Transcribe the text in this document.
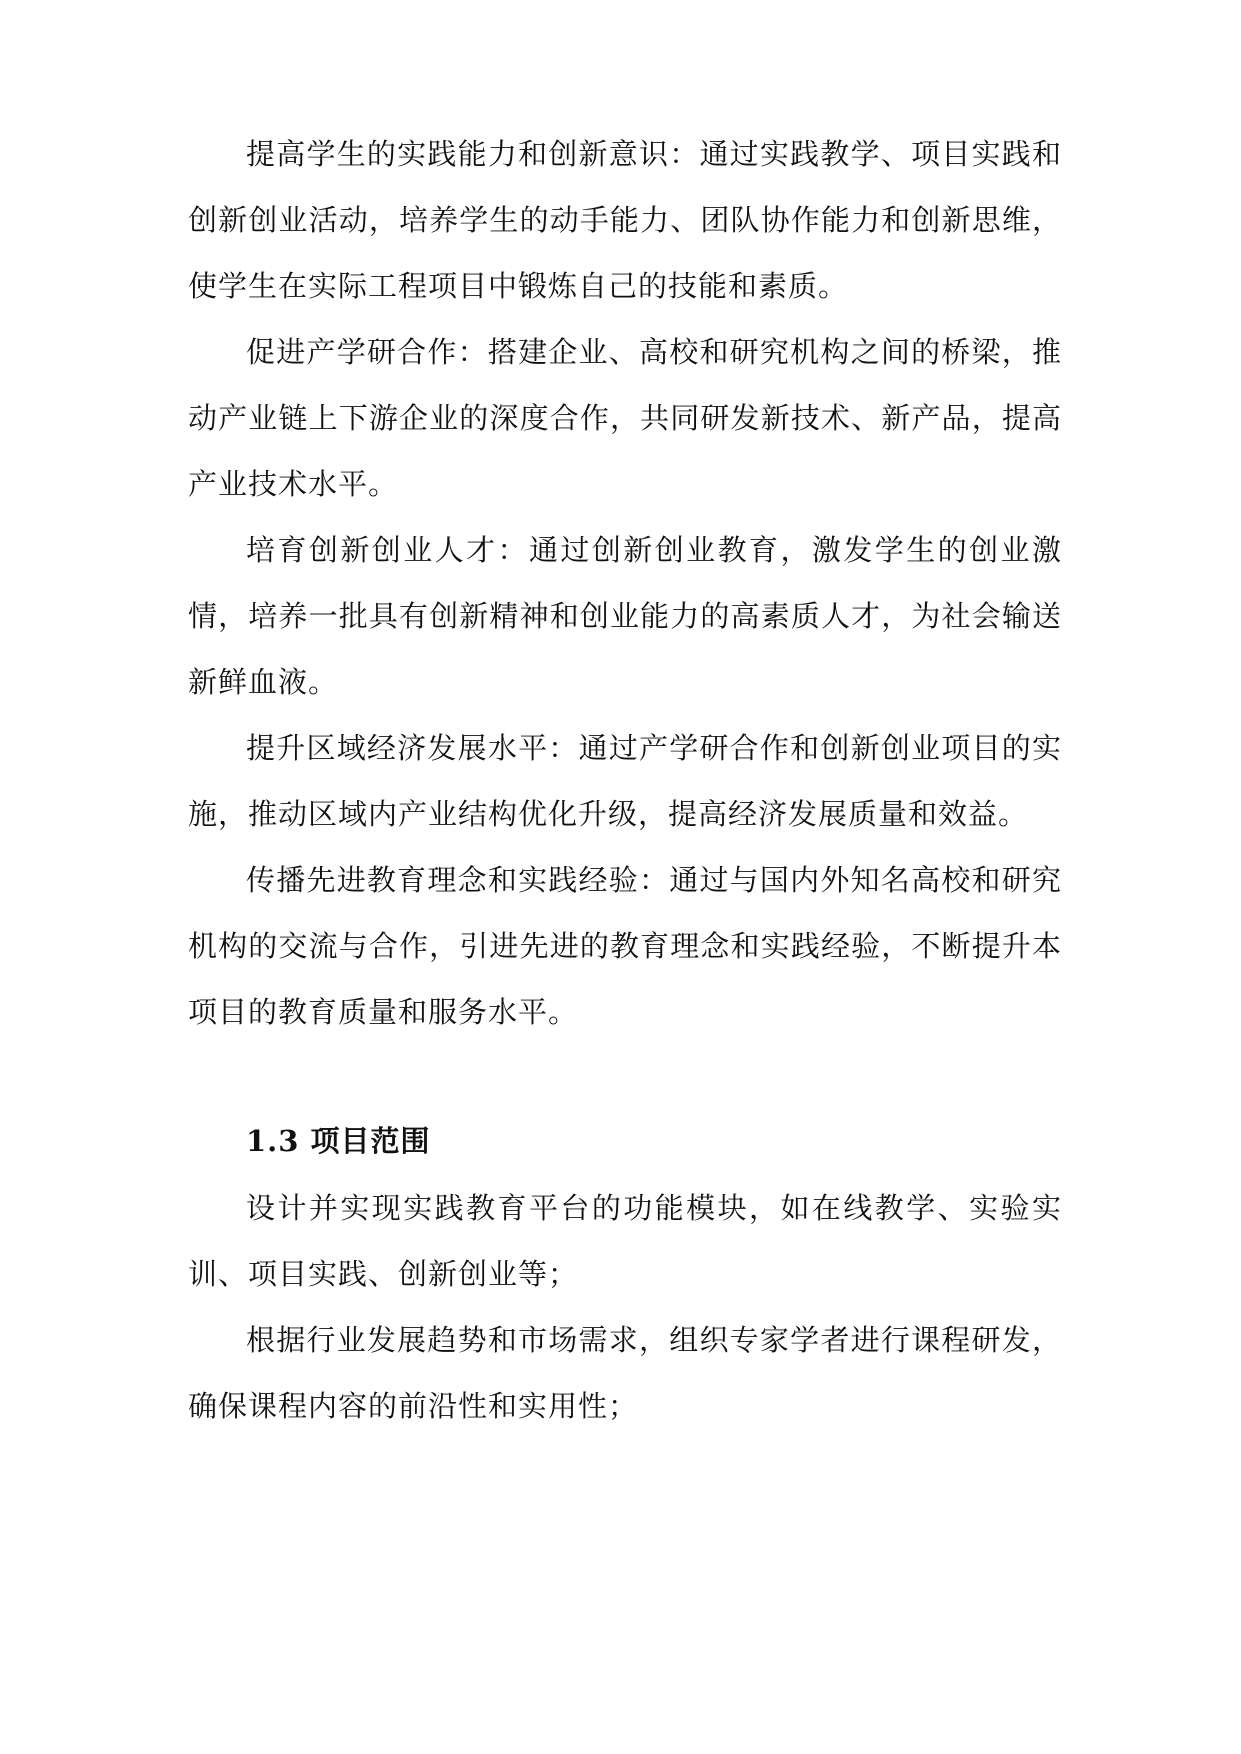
提高学生的实践能力和创新意识：通过实践教学、项目实践和创新创业活动，培养学生的动手能力、团队协作能力和创新思维，使学生在实际工程项目中锻炼自己的技能和素质。

促进产学研合作：搭建企业、高校和研究机构之间的桥梁，推动产业链上下游企业的深度合作，共同研发新技术、新产品，提高产业技术水平。

培育创新创业人才：通过创新创业教育，激发学生的创业激情，培养一批具有创新精神和创业能力的高素质人才，为社会输送新鲜血液。

提升区域经济发展水平：通过产学研合作和创新创业项目的实施，推动区域内产业结构优化升级，提高经济发展质量和效益。

传播先进教育理念和实践经验：通过与国内外知名高校和研究机构的交流与合作，引进先进的教育理念和实践经验，不断提升本项目的教育质量和服务水平。

1.3 项目范围

设计并实现实践教育平台的功能模块，如在线教学、实验实训、项目实践、创新创业等；

根据行业发展趋势和市场需求，组织专家学者进行课程研发，确保课程内容的前沿性和实用性；
